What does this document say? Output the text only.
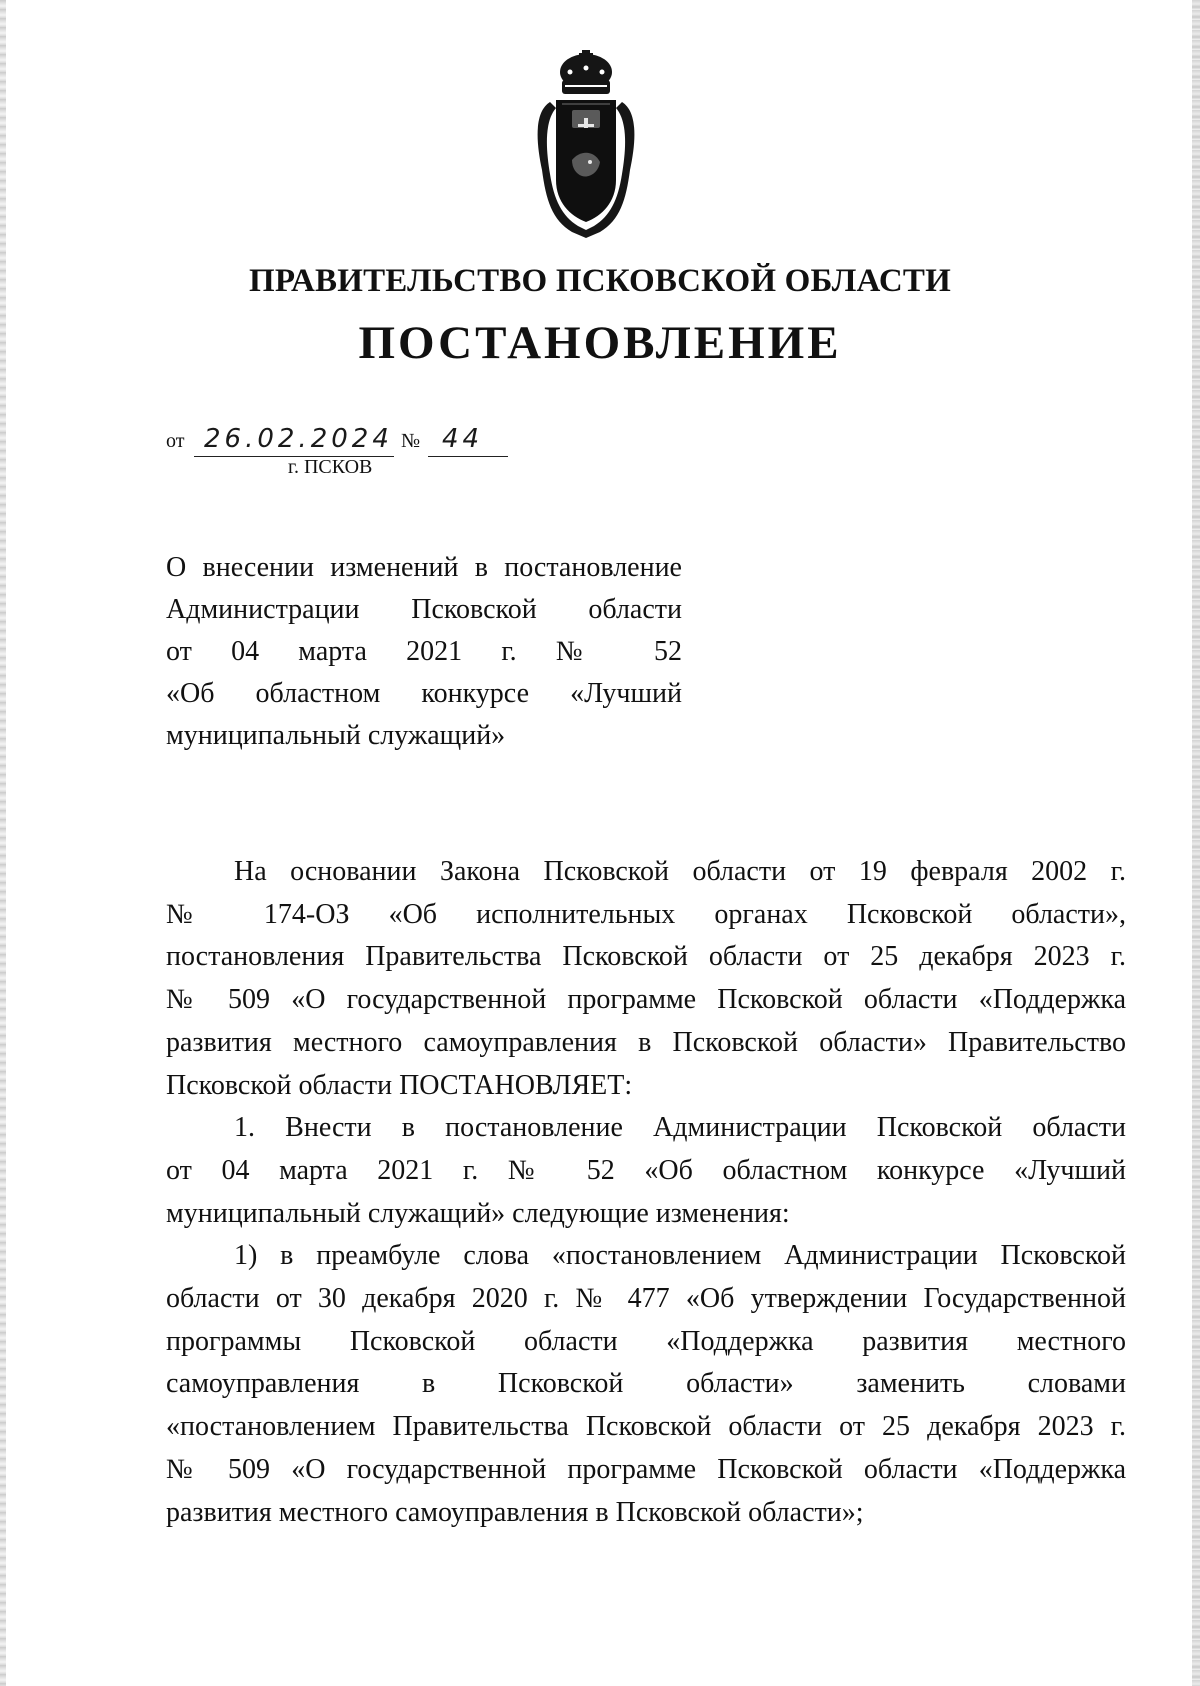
ПРАВИТЕЛЬСТВО ПСКОВСКОЙ ОБЛАСТИ
ПОСТАНОВЛЕНИЕ
от 26.02.2024 № 44
г. ПСКОВ
О внесении изменений в постановление
Администрации Псковской области
от 04 марта 2021 г. № 52
«Об областном конкурсе «Лучший
муниципальный служащий»
На основании Закона Псковской области от 19 февраля 2002 г.
№ 174-ОЗ «Об исполнительных органах Псковской области»,
постановления Правительства Псковской области от 25 декабря 2023 г.
№ 509 «О государственной программе Псковской области «Поддержка
развития местного самоуправления в Псковской области» Правительство
Псковской области ПОСТАНОВЛЯЕТ:
1. Внести в постановление Администрации Псковской области
от 04 марта 2021 г. № 52 «Об областном конкурсе «Лучший
муниципальный служащий» следующие изменения:
1) в преамбуле слова «постановлением Администрации Псковской
области от 30 декабря 2020 г. № 477 «Об утверждении Государственной
программы Псковской области «Поддержка развития местного
самоуправления в Псковской области» заменить словами
«постановлением Правительства Псковской области от 25 декабря 2023 г.
№ 509 «О государственной программе Псковской области «Поддержка
развития местного самоуправления в Псковской области»;
